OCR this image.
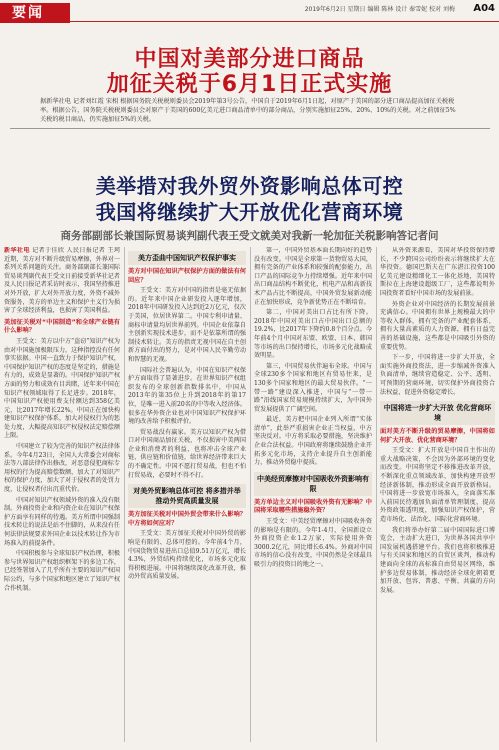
要闻	2019年6月2日 星期日 编辑 陈林 设计 秦雪妮 校对 刘梅 A04
中国对美部分进口商品
加征关税于6月1日正式实施
据新华社电 记者刘红霞 宋相 根据国务院关税税则委员会2019年第3号公告，中国自于2019年6月1日起，对原产于美国的部分进口商品提高加征关税税率。根据公告，国务院关税税则委员会对原产于美国的600亿美元进口商品清单中的部分商品，分别实施加征25%、20%、10%的关税。对之前加征5%关税的税目商品，仍实施加征5%的关税。
美举措对我外贸外资影响总体可控
我国将继续扩大开放优化营商环境
商务部副部长兼国际贸易谈判副代表王受文就美对我新一轮加征关税影响答记者问

新华社电 记者于佳欣 人民日报记者 王珂 近期，美方对不断升级贸易摩擦，外界对一系列关系问题的关注。商务部副部长兼国际贸易谈判副代表王受文日前接受新华社记者及人民日报记者采访时表示，我国坚持推进对外开放，扩大对外开放力度，外资不减外资服务，美方的单边主义和保护主义行为损害了全球经济利益，也损害了美国利益。

美加征关税对“中国制造”和全球产业链有什么影响？

王受文：美方以中方“盗窃”知识产权为由对中国施加极限压力，这种指控没有任何事实依据。中国一直致力于保护知识产权，中国保护知识产权的态度是坚定的，措施是有力的，成效是显著的。中国保护知识产权方面的努力和成效有目共睹，近年来中国在知识产权领域取得了长足进步。2018年，中国知识产权使用费支付额达到358亿美元，比2017年增长22%。中国正在加快构建知识产权保护体系，加大对侵权行为的惩处力度，大幅提高知识产权侵权法定赔偿额上限。

中国建立了较为完善的知识产权法律体系。今年4月23日，全国人大常委会对商标法等八部法律作出修改，对恶意侵犯商标专用权的行为提高赔偿数额，加大了对知识产权的保护力度，加大了对于侵权者的处罚力度，让侵权者付出沉重代价。

中国对知识产权领域外资的准入没有限制。外商投资企业和内资企业在知识产权保护方面享有同样的待遇。美方所谓中国强制技术转让的说法是站不住脚的，从来没有任何法律法规要求外国企业以技术转让作为市场准入的前提条件。

中国积极参与全球知识产权治理，积极参与世界知识产权组织框架下的多边工作，已经签署加入了几乎所有主要的知识产权国际公约，与多个国家和地区建立了知识产权合作机制。

美方歪曲中国知识产权保护事实
美方对中国在知识产权保护方面的做法有何回应？

王受文：美方对中国的指责是毫无依据的。近年来中国企业研发投入逐年增加，2018年中国研发投入达到近2万亿元，仅次于美国，位居世界第二。中国专利申请量、商标申请量均居世界前列。中国企业依靠自主创新实现技术进步，而不是依靠所谓的强制技术转让。美方的指责无视中国在自主创新方面付出的努力，是对中国人民辛勤劳动和智慧的无视。

国际社会普遍认为，中国在知识产权保护方面取得了显著进步。在世界知识产权组织发布的全球创新指数排名中，中国从2013年的第35位上升到2018年的第17位，是唯一进入前20名的中等收入经济体。很多在华外资企业也对中国知识产权保护环境的改善给予积极评价。

贸易战没有赢家。美方以知识产权为借口对中国商品加征关税，不仅损害中美两国企业和消费者的利益，也将冲击全球产业链、供应链和价值链，给世界经济带来巨大的不确定性。中国不愿打贸易战，但也不怕打贸易战，必要时不得不打。

对美外贸影响总体可控 将多措并举推动外贸高质量发展
美方加征关税对中国外贸会带来什么影响？中方将如何应对？

王受文：美方加征关税对中国外贸的影响是有限的、总体可控的。今年前4个月，中国货物贸易进出口总值9.51万亿元，增长4.3%，外贸结构持续优化，市场多元化取得积极进展。中国将继续深化改革开放，推动外贸高质量发展。

第一，中国外贸基本面长期向好的趋势没有改变。中国是全球第一货物贸易大国，拥有完备的产业体系和较强的配套能力，出口产品的国际竞争力持续增强。近年来中国出口商品结构不断优化，机电产品和高新技术产品占比不断提高，中国外贸发展新动能正在加快形成，竞争新优势正在不断培育。

第二，中国对美出口占比有所下降。2018年中国对美出口占中国出口总额的19.2%，比2017年下降约0.8个百分点。今年前4个月中国对东盟、欧盟、日本、韩国等市场的出口保持增长，市场多元化战略成效明显。

第三，中国贸易伙伴遍布全球。中国与全球230多个国家和地区有贸易往来，是130多个国家和地区的最大贸易伙伴。“一带一路”建设深入推进，中国与“一带一路”沿线国家贸易规模持续扩大，为中国外贸发展提供了广阔空间。

最近，美方把中国企业列入所谓“实体清单”，此举严重损害企业正当权益，中方坚决反对。中方将采取必要措施，坚决维护企业合法权益。中国政府将继续鼓励企业开拓多元化市场，支持企业提升自主创新能力，推动外贸稳中提质。

中美经贸摩擦对中国吸收外资影响有限
美方单边主义对中国吸收外资有无影响？中国将采取哪些措施稳外资？

王受文：中美经贸摩擦对中国吸收外资的影响是有限的。今年1-4月，全国新设立外商投资企业1.2万家，实际使用外资3000.2亿元，同比增长6.4%。外商对中国市场的信心没有改变，中国仍然是全球最具吸引力的投资目的地之一。

从外资来源看，美国对华投资保持增长，不少跨国公司纷纷表示将继续扩大在华投资。德国巴斯夫在广东湛江投资100亿美元建设精细化工一体化基地，美国特斯拉在上海建设超级工厂，这些都说明外国投资者看好中国市场的发展前景。

外资企业对中国经济的长期发展前景充满信心。中国拥有世界上规模最大的中等收入群体，拥有完备的产业配套体系，拥有大量高素质的人力资源，拥有日益完善的基础设施，这些都是中国吸引外资的重要优势。

下一步，中国将进一步扩大开放，全面实施外商投资法，进一步缩减外资准入负面清单，继续营造稳定、公平、透明、可预期的营商环境，切实保护外商投资合法权益，促进外资稳定增长。

中国将进一步扩大开放 优化营商环境
面对美方不断升级的贸易摩擦，中国将如何扩大开放、优化营商环境？

王受文：扩大开放是中国自主作出的重大战略决策，不会因为外部环境的变化而改变。中国将坚定不移推进改革开放，不断深化重点领域改革，加快构建开放型经济新体制，推动形成全面开放新格局。中国将进一步放宽市场准入，全面落实准入前国民待遇加负面清单管理制度，提高外资政策透明度，加强知识产权保护，营造市场化、法治化、国际化营商环境。

我们将举办好第二届中国国际进口博览会，主动扩大进口，为世界各国共享中国发展机遇搭建平台。我们也将积极推进与有关国家和地区的自贸区谈判，推动构建面向全球的高标准自由贸易区网络，维护多边贸易体制，推动经济全球化朝着更加开放、包容、普惠、平衡、共赢的方向发展。
